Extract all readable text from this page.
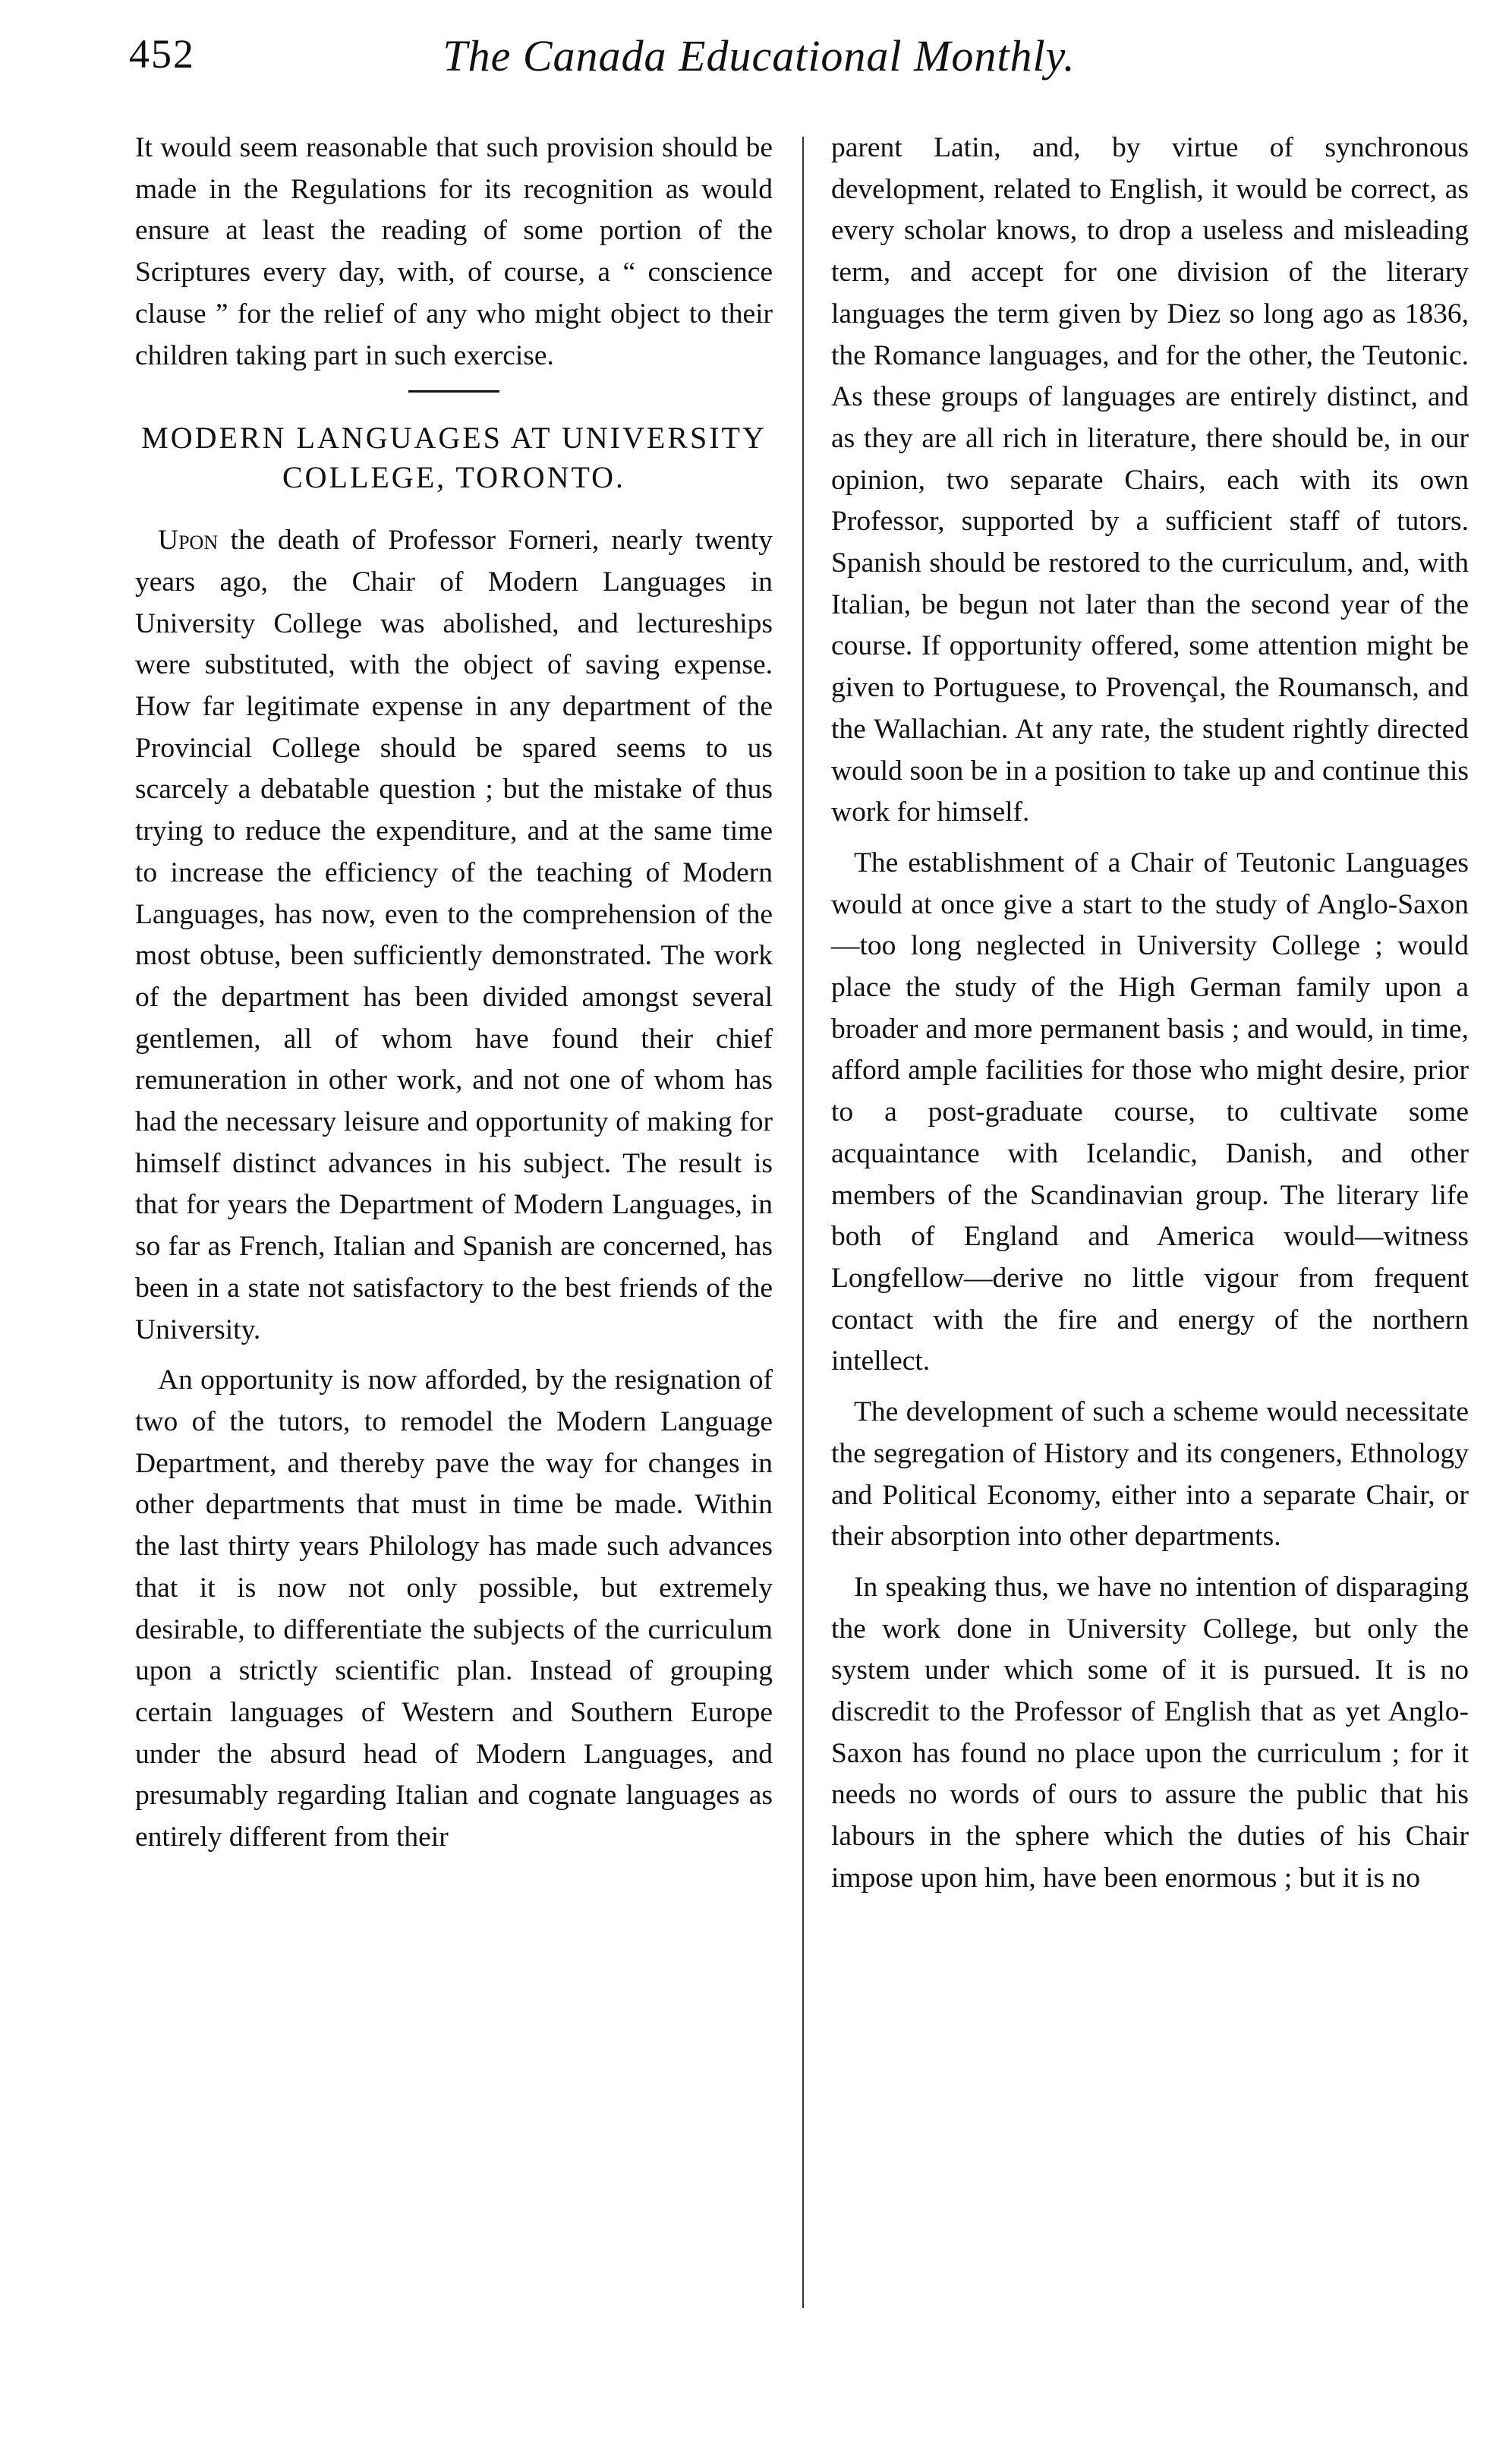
452	The Canada Educational Monthly.

It would seem reasonable that such provision should be made in the Regulations for its recognition as would ensure at least the reading of some portion of the Scriptures every day, with, of course, a “ conscience clause ” for the relief of any who might object to their children taking part in such exercise.

MODERN LANGUAGES AT UNIVERSITY COLLEGE, TORONTO.

Upon the death of Professor Forneri, nearly twenty years ago, the Chair of Modern Languages in University College was abolished, and lectureships were substituted, with the object of saving expense. How far legitimate expense in any department of the Provincial College should be spared seems to us scarcely a debatable question ; but the mistake of thus trying to reduce the expenditure, and at the same time to increase the efficiency of the teaching of Modern Languages, has now, even to the comprehension of the most obtuse, been sufficiently demonstrated. The work of the department has been divided amongst several gentlemen, all of whom have found their chief remuneration in other work, and not one of whom has had the necessary leisure and opportunity of making for himself distinct advances in his subject. The result is that for years the Department of Modern Languages, in so far as French, Italian and Spanish are concerned, has been in a state not satisfactory to the best friends of the University.

An opportunity is now afforded, by the resignation of two of the tutors, to remodel the Modern Language Department, and thereby pave the way for changes in other departments that must in time be made. Within the last thirty years Philology has made such advances that it is now not only possible, but extremely desirable, to differentiate the subjects of the curriculum upon a strictly scientific plan. Instead of grouping certain languages of Western and Southern Europe under the absurd head of Modern Languages, and presumably regarding Italian and cognate languages as entirely different from their

parent Latin, and, by virtue of synchronous development, related to English, it would be correct, as every scholar knows, to drop a useless and misleading term, and accept for one division of the literary languages the term given by Diez so long ago as 1836, the Romance languages, and for the other, the Teutonic. As these groups of languages are entirely distinct, and as they are all rich in literature, there should be, in our opinion, two separate Chairs, each with its own Professor, supported by a sufficient staff of tutors. Spanish should be restored to the curriculum, and, with Italian, be begun not later than the second year of the course. If opportunity offered, some attention might be given to Portuguese, to Provençal, the Roumansch, and the Wallachian. At any rate, the student rightly directed would soon be in a position to take up and continue this work for himself.

The establishment of a Chair of Teutonic Languages would at once give a start to the study of Anglo-Saxon—too long neglected in University College ; would place the study of the High German family upon a broader and more permanent basis ; and would, in time, afford ample facilities for those who might desire, prior to a post-graduate course, to cultivate some acquaintance with Icelandic, Danish, and other members of the Scandinavian group. The literary life both of England and America would—witness Longfellow—derive no little vigour from frequent contact with the fire and energy of the northern intellect.

The development of such a scheme would necessitate the segregation of History and its congeners, Ethnology and Political Economy, either into a separate Chair, or their absorption into other departments.

In speaking thus, we have no intention of disparaging the work done in University College, but only the system under which some of it is pursued. It is no discredit to the Professor of English that as yet Anglo-Saxon has found no place upon the curriculum ; for it needs no words of ours to assure the public that his labours in the sphere which the duties of his Chair impose upon him, have been enormous ; but it is no
